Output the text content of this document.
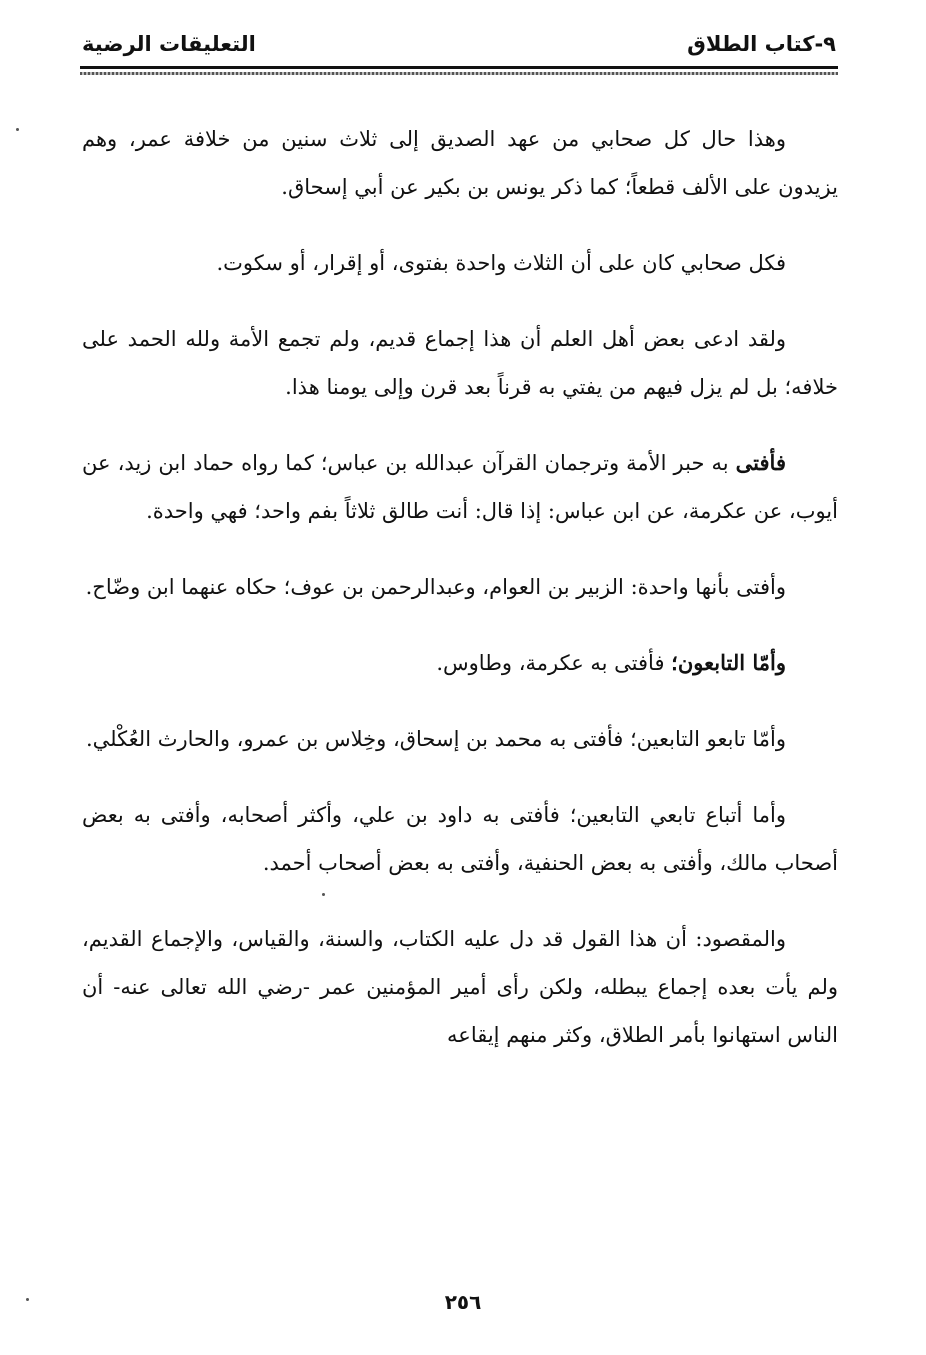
٩-كتاب الطلاق
التعليقات الرضية

وهذا حال كل صحابي من عهد الصديق إلى ثلاث سنين من خلافة عمر، وهم يزيدون على الألف قطعاً؛ كما ذكر يونس بن بكير عن أبي إسحاق.

فكل صحابي كان على أن الثلاث واحدة بفتوى، أو إقرار، أو سكوت.

ولقد ادعى بعض أهل العلم أن هذا إجماع قديم، ولم تجمع الأمة ولله الحمد على خلافه؛ بل لم يزل فيهم من يفتي به قرناً بعد قرن وإلى يومنا هذا.

فأفتى به حبر الأمة وترجمان القرآن عبدالله بن عباس؛ كما رواه حماد ابن زيد، عن أيوب، عن عكرمة، عن ابن عباس: إذا قال: أنت طالق ثلاثاً بفم واحد؛ فهي واحدة.

وأفتى بأنها واحدة: الزبير بن العوام، وعبدالرحمن بن عوف؛ حكاه عنهما ابن وضّاح.

وأمّا التابعون؛ فأفتى به عكرمة، وطاوس.

وأمّا تابعو التابعين؛ فأفتى به محمد بن إسحاق، وخِلاس بن عمرو، والحارث العُكْلي.

وأما أتباع تابعي التابعين؛ فأفتى به داود بن علي، وأكثر أصحابه، وأفتى به بعض أصحاب مالك، وأفتى به بعض الحنفية، وأفتى به بعض أصحاب أحمد.

والمقصود: أن هذا القول قد دل عليه الكتاب، والسنة، والقياس، والإجماع القديم، ولم يأت بعده إجماع يبطله، ولكن رأى أمير المؤمنين عمر -رضي الله تعالى عنه- أن الناس استهانوا بأمر الطلاق، وكثر منهم إيقاعه

٢٥٦
